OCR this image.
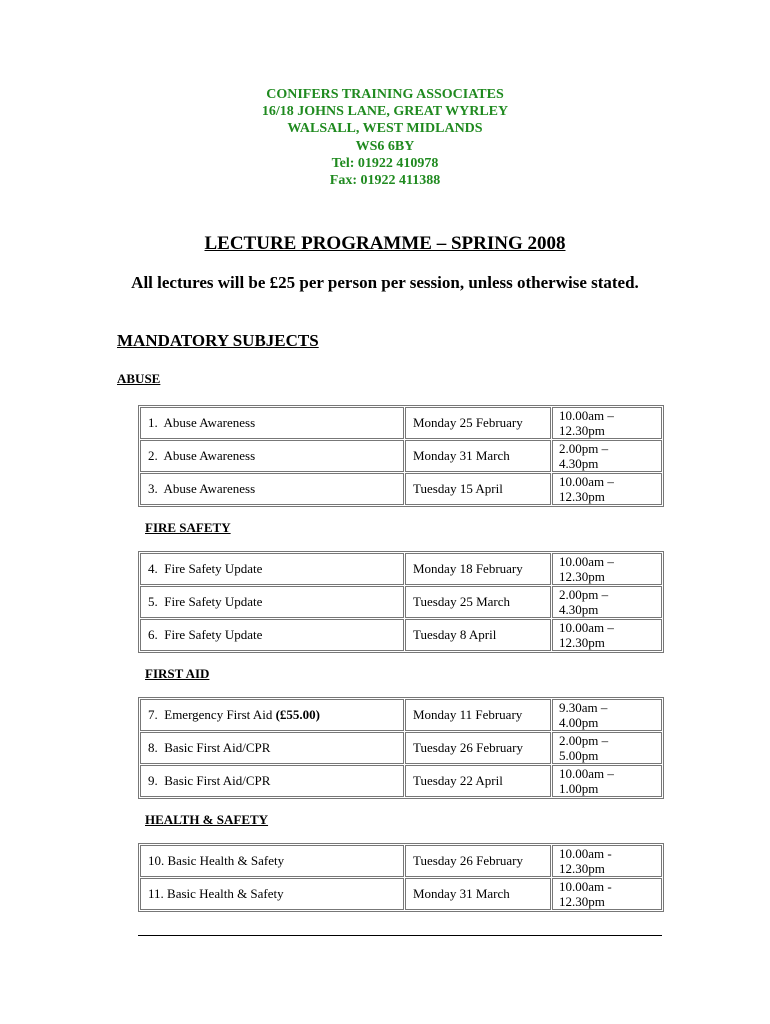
CONIFERS TRAINING ASSOCIATES
16/18 JOHNS LANE, GREAT WYRLEY
WALSALL, WEST MIDLANDS
WS6 6BY
Tel: 01922 410978
Fax: 01922 411388
LECTURE PROGRAMME – SPRING 2008
All lectures will be £25 per person per session, unless otherwise stated.
MANDATORY SUBJECTS
ABUSE
1. Abuse Awareness	Monday 25 February	10.00am –
12.30pm
2. Abuse Awareness	Monday 31 March	2.00pm –
4.30pm
3. Abuse Awareness	Tuesday 15 April	10.00am –
12.30pm
FIRE SAFETY
4. Fire Safety Update	Monday 18 February	10.00am –
12.30pm
5. Fire Safety Update	Tuesday 25 March	2.00pm –
4.30pm
6. Fire Safety Update	Tuesday 8 April	10.00am –
12.30pm
FIRST AID
7. Emergency First Aid (£55.00)	Monday 11 February	9.30am –
4.00pm
8. Basic First Aid/CPR	Tuesday 26 February	2.00pm –
5.00pm
9. Basic First Aid/CPR	Tuesday 22 April	10.00am –
1.00pm
HEALTH & SAFETY
10. Basic Health & Safety	Tuesday 26 February	10.00am -
12.30pm
11. Basic Health & Safety	Monday 31 March	10.00am -
12.30pm
